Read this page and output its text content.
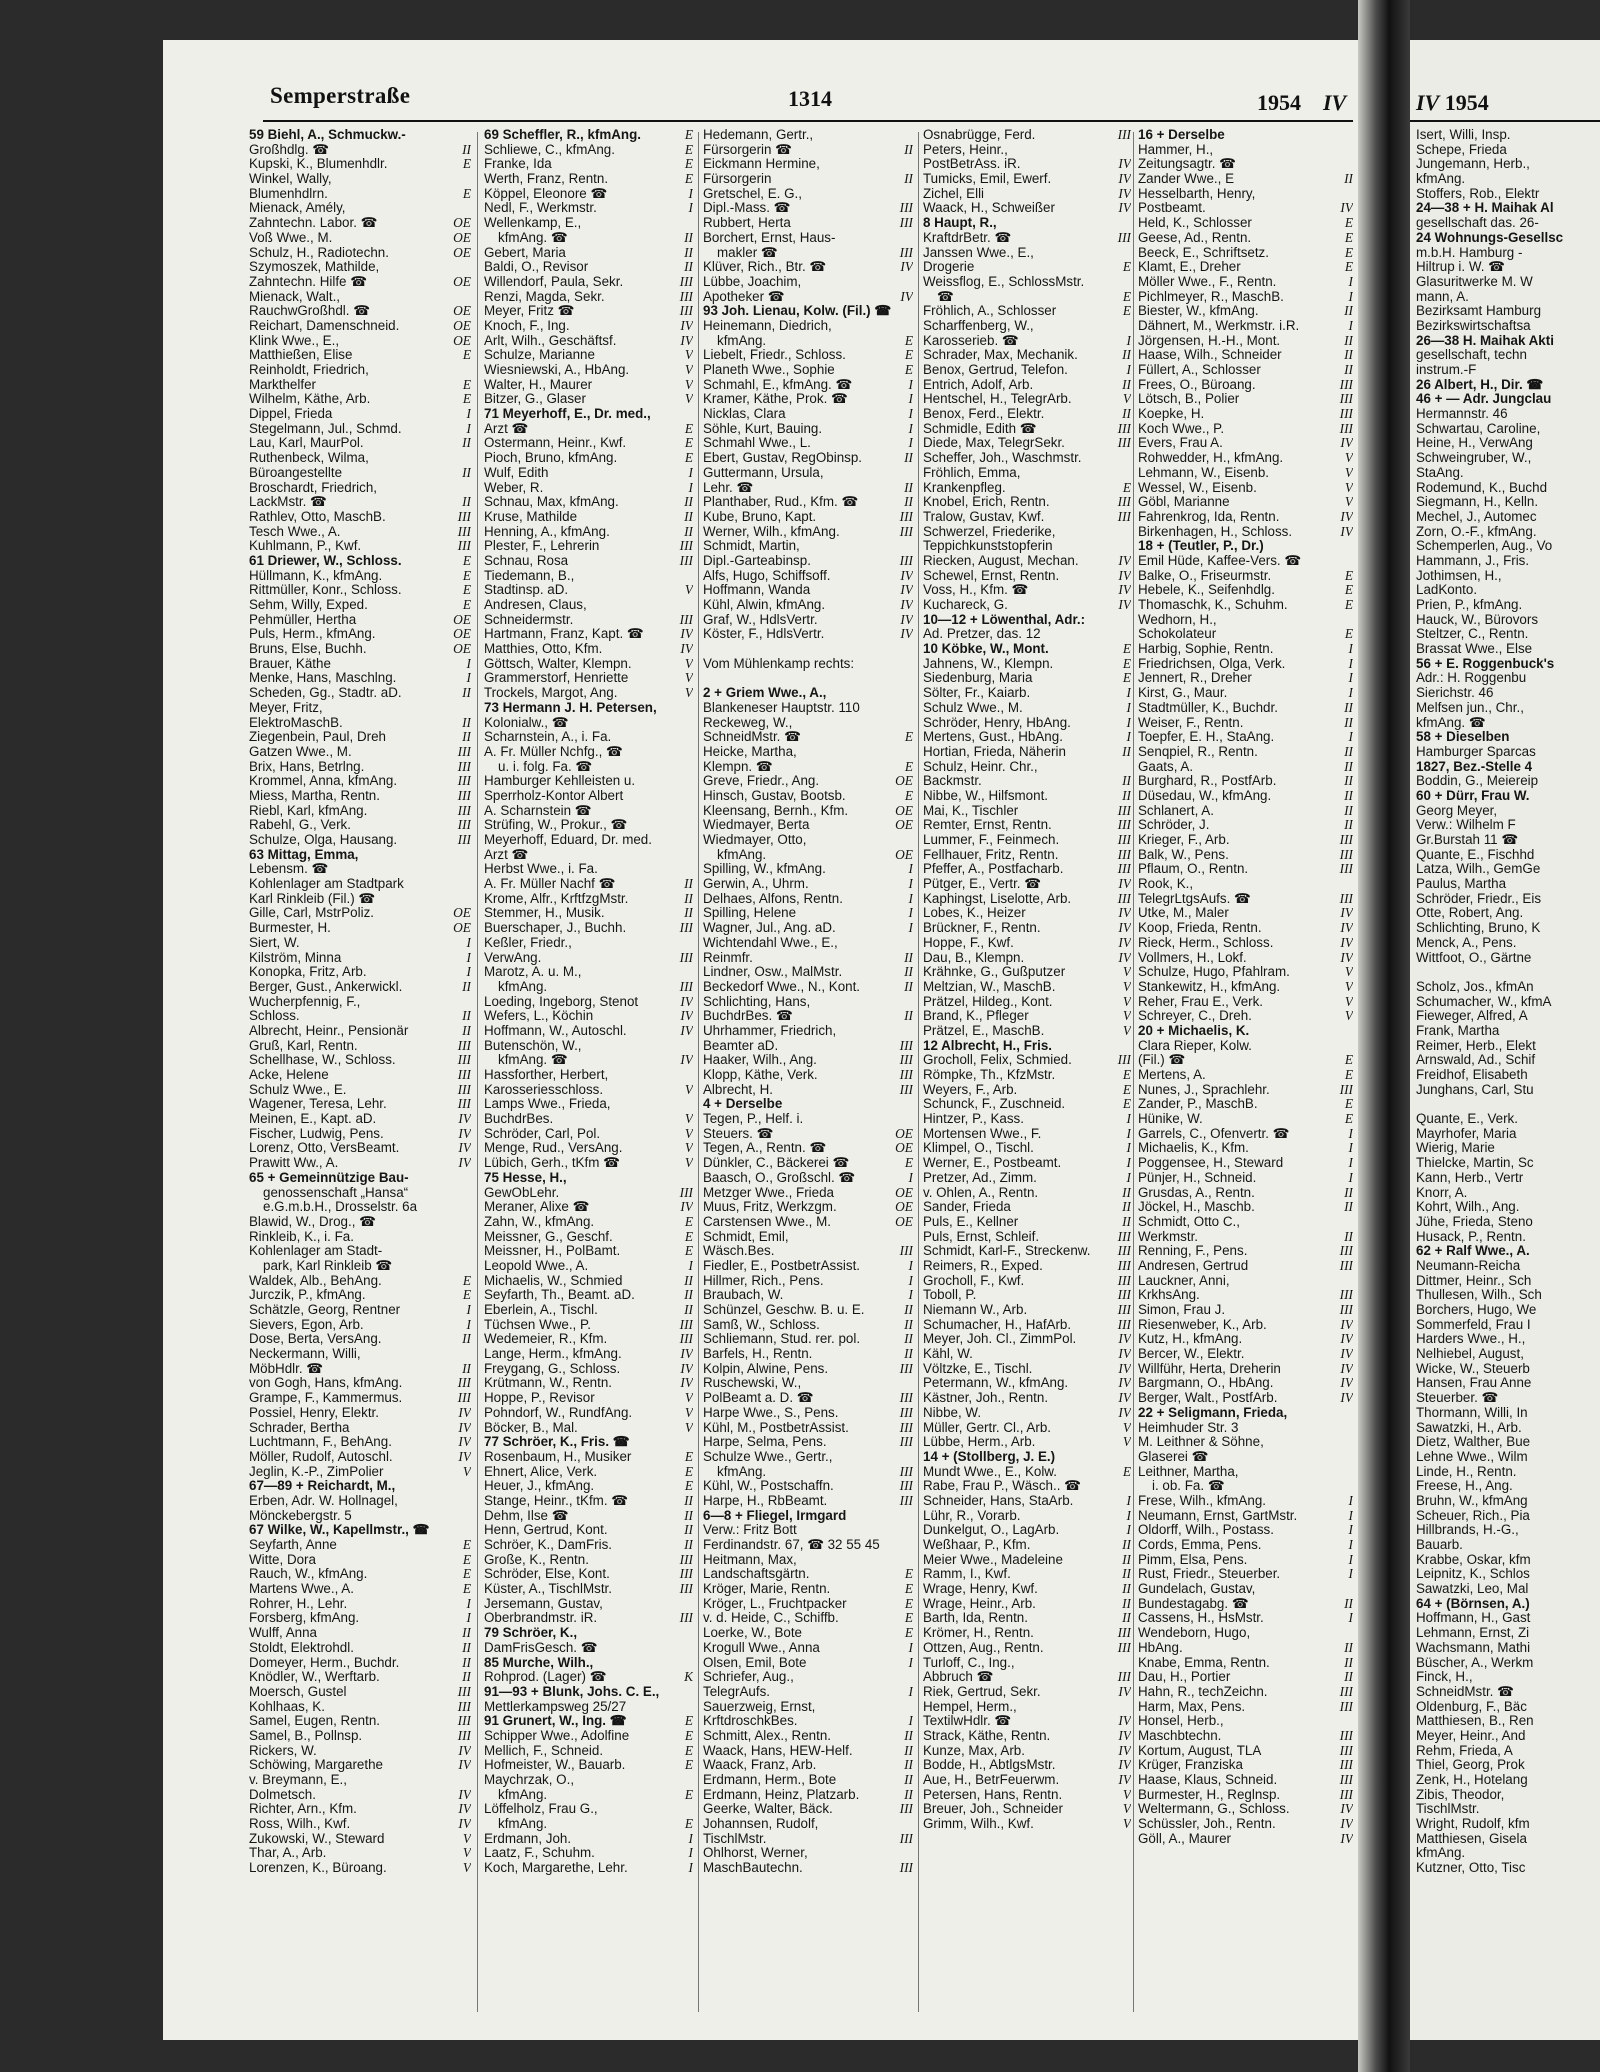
Semperstraße	1314	1954 IV
59 Biehl, A., Schmuckw.-
Großhdlg. ☎	II
Kupski, K., Blumenhdlr.	E
Winkel, Wally,
Blumenhdlrn.	E
Mienack, Amély,
Zahntechn. Labor. ☎	OE
Voß Wwe., M.	OE
Schulz, H., Radiotechn.	OE
Szymoszek, Mathilde,
Zahntechn. Hilfe ☎	OE
Mienack, Walt.,
RauchwGroßhdl. ☎	OE
Reichart, Damenschneid.	OE
Klink Wwe., E.,	OE
Matthießen, Elise	E
Reinholdt, Friedrich,
Markthelfer	E
Wilhelm, Käthe, Arb.	E
Dippel, Frieda	I
Stegelmann, Jul., Schmd.	I
Lau, Karl, MaurPol.	II
Ruthenbeck, Wilma,
Büroangestellte	II
Broschardt, Friedrich,
LackMstr. ☎	II
Rathlev, Otto, MaschB.	III
Tesch Wwe., A.	III
Kuhlmann, P., Kwf.	III
61 Driewer, W., Schloss.	E
Hüllmann, K., kfmAng.	E
Rittmüller, Konr., Schloss.	E
Sehm, Willy, Exped.	E
Pehmüller, Hertha	OE
Puls, Herm., kfmAng.	OE
Bruns, Else, Buchh.	OE
Brauer, Käthe	I
Menke, Hans, Maschlng.	I
Scheden, Gg., Stadtr. aD.	II
Meyer, Fritz,
ElektroMaschB.	II
Ziegenbein, Paul, Dreh	II
Gatzen Wwe., M.	III
Brix, Hans, Betrlng.	III
Krommel, Anna, kfmAng.	III
Miess, Martha, Rentn.	III
Riebl, Karl, kfmAng.	III
Rabehl, G., Verk.	III
Schulze, Olga, Hausang.	III
63 Mittag, Emma,
Lebensm. ☎
Kohlenlager am Stadtpark
Karl Rinkleib (Fil.) ☎
Gille, Carl, MstrPoliz.	OE
Burmester, H.	OE
Siert, W.	I
Kilström, Minna	I
Konopka, Fritz, Arb.	I
Berger, Gust., Ankerwickl.	II
Wucherpfennig, F.,
Schloss.	II
Albrecht, Heinr., Pensionär	II
Gruß, Karl, Rentn.	III
Schellhase, W., Schloss.	III
Acke, Helene	III
Schulz Wwe., E.	III
Wagener, Teresa, Lehr.	III
Meinen, E., Kapt. aD.	IV
Fischer, Ludwig, Pens.	IV
Lorenz, Otto, VersBeamt.	IV
Prawitt Ww., A.	IV
65 + Gemeinnützige Bau-
genossenschaft „Hansa“
e.G.m.b.H., Drosselstr. 6a
Blawid, W., Drog., ☎
Rinkleib, K., i. Fa.
Kohlenlager am Stadt-
park, Karl Rinkleib ☎
Waldek, Alb., BehAng.	E
Jurczik, P., kfmAng.	E
Schätzle, Georg, Rentner	I
Sievers, Egon, Arb.	I
Dose, Berta, VersAng.	II
Neckermann, Willi,
MöbHdlr. ☎	II
von Gogh, Hans, kfmAng.	III
Grampe, F., Kammermus.	III
Possiel, Henry, Elektr.	IV
Schrader, Bertha	IV
Luchtmann, F., BehAng.	IV
Möller, Rudolf, Autoschl.	IV
Jeglin, K.-P., ZimPolier	V
67—89 + Reichardt, M.,
Erben, Adr. W. Hollnagel,
Mönckebergstr. 5
67 Wilke, W., Kapellmstr., ☎
Seyfarth, Anne	E
Witte, Dora	E
Rauch, W., kfmAng.	E
Martens Wwe., A.	E
Rohrer, H., Lehr.	I
Forsberg, kfmAng.	I
Wulff, Anna	II
Stoldt, Elektrohdl.	II
Domeyer, Herm., Buchdr.	II
Knödler, W., Werftarb.	II
Moersch, Gustel	III
Kohlhaas, K.	III
Samel, Eugen, Rentn.	III
Samel, B., Pollnsp.	III
Rickers, W.	IV
Schöwing, Margarethe	IV
v. Breymann, E.,
Dolmetsch.	IV
Richter, Arn., Kfm.	IV
Ross, Wilh., Kwf.	IV
Zukowski, W., Steward	V
Thar, A., Arb.	V
Lorenzen, K., Büroang.	V
69 Scheffler, R., kfmAng.	E
Schliewe, C., kfmAng.	E
Franke, Ida	E
Werth, Franz, Rentn.	E
Köppel, Eleonore ☎	I
Nedl, F., Werkmstr.	I
Wellenkamp, E.,
kfmAng. ☎	II
Gebert, Maria	II
Baldi, O., Revisor	II
Willendorf, Paula, Sekr.	III
Renzi, Magda, Sekr.	III
Meyer, Fritz ☎	III
Knoch, F., Ing.	IV
Arlt, Wilh., Geschäftsf.	IV
Schulze, Marianne	V
Wiesniewski, A., HbAng.	V
Walter, H., Maurer	V
Bitzer, G., Glaser	V
71 Meyerhoff, E., Dr. med.,
Arzt ☎	E
Ostermann, Heinr., Kwf.	E
Pioch, Bruno, kfmAng.	E
Wulf, Edith	I
Weber, R.	I
Schnau, Max, kfmAng.	II
Kruse, Mathilde	II
Henning, A., kfmAng.	II
Plester, F., Lehrerin	III
Schnau, Rosa	III
Tiedemann, B.,
Stadtinsp. aD.	V
Andresen, Claus,
Schneidermstr.	III
Hartmann, Franz, Kapt. ☎	IV
Matthies, Otto, Kfm.	IV
Göttsch, Walter, Klempn.	V
Grammerstorf, Henriette	V
Trockels, Margot, Ang.	V
73 Hermann J. H. Petersen,
Kolonialw., ☎
Scharnstein, A., i. Fa.
A. Fr. Müller Nchfg., ☎
u. i. folg. Fa. ☎
Hamburger Kehlleisten u.
Sperrholz-Kontor Albert
A. Scharnstein ☎
Strüfing, W., Prokur., ☎
Meyerhoff, Eduard, Dr. med.
Arzt ☎
Herbst Wwe., i. Fa.
A. Fr. Müller Nachf ☎	II
Krome, Alfr., KrftfzgMstr.	II
Stemmer, H., Musik.	II
Buerschaper, J., Buchh.	III
Keßler, Friedr.,
VerwAng.	III
Marotz, A. u. M.,
kfmAng.	III
Loeding, Ingeborg, Stenot	IV
Wefers, L., Köchin	IV
Hoffmann, W., Autoschl.	IV
Butenschön, W.,
kfmAng. ☎	IV
Hassforther, Herbert,
Karosseriesschloss.	V
Lamps Wwe., Frieda,
BuchdrBes.	V
Schröder, Carl, Pol.	V
Menge, Rud., VersAng.	V
Lübich, Gerh., tKfm ☎	V
75 Hesse, H.,
GewObLehr.	III
Meraner, Alixe ☎	IV
Zahn, W., kfmAng.	E
Meissner, G., Geschf.	E
Meissner, H., PolBamt.	E
Leopold Wwe., A.	I
Michaelis, W., Schmied	II
Seyfarth, Th., Beamt. aD.	II
Eberlein, A., Tischl.	II
Tüchsen Wwe., P.	III
Wedemeier, R., Kfm.	III
Lange, Herm., kfmAng.	IV
Freygang, G., Schloss.	IV
Krütmann, W., Rentn.	IV
Hoppe, P., Revisor	V
Pohndorf, W., RundfAng.	V
Böcker, B., Mal.	V
77 Schröer, K., Fris. ☎
Rosenbaum, H., Musiker	E
Ehnert, Alice, Verk.	E
Heuer, J., kfmAng.	E
Stange, Heinr., tKfm. ☎	II
Dehm, Ilse ☎	II
Henn, Gertrud, Kont.	II
Schröer, K., DamFris.	II
Große, K., Rentn.	III
Schröder, Else, Kont.	III
Küster, A., TischlMstr.	III
Jersemann, Gustav,
Oberbrandmstr. iR.	III
79 Schröer, K.,
DamFrisGesch. ☎
85 Murche, Wilh.,
Rohprod. (Lager) ☎	K
91—93 + Blunk, Johs. C. E.,
Mettlerkampsweg 25/27
91 Grunert, W., Ing. ☎	E
Schipper Wwe., Adolfine	E
Mellich, F., Schneid.	E
Hofmeister, W., Bauarb.	E
Maychrzak, O.,
kfmAng.	E
Löffelholz, Frau G.,
kfmAng.	E
Erdmann, Joh.	I
Laatz, F., Schuhm.	I
Koch, Margarethe, Lehr.	I
Hedemann, Gertr.,
Fürsorgerin ☎	II
Eickmann Hermine,
Fürsorgerin	II
Gretschel, E. G.,
Dipl.-Mass. ☎	III
Rubbert, Herta	III
Borchert, Ernst, Haus-
makler ☎	III
Klüver, Rich., Btr. ☎	IV
Lübbe, Joachim,
Apotheker ☎	IV
93 Joh. Lienau, Kolw. (Fil.) ☎
Heinemann, Diedrich,
kfmAng.	E
Liebelt, Friedr., Schloss.	E
Planeth Wwe., Sophie	E
Schmahl, E., kfmAng. ☎	I
Kramer, Käthe, Prok. ☎	I
Nicklas, Clara	I
Söhle, Kurt, Bauing.	I
Schmahl Wwe., L.	I
Ebert, Gustav, RegObinsp.	II
Guttermann, Ursula,
Lehr. ☎	II
Planthaber, Rud., Kfm. ☎	II
Kube, Bruno, Kapt.	III
Werner, Wilh., kfmAng.	III
Schmidt, Martin,
Dipl.-Garteabinsp.	III
Alfs, Hugo, Schiffsoff.	IV
Hoffmann, Wanda	IV
Kühl, Alwin, kfmAng.	IV
Graf, W., HdlsVertr.	IV
Köster, F., HdlsVertr.	IV
Vom Mühlenkamp rechts:
2 + Griem Wwe., A.,
Blankeneser Hauptstr. 110
Reckeweg, W.,
SchneidMstr. ☎	E
Heicke, Martha,
Klempn. ☎	E
Greve, Friedr., Ang.	OE
Hinsch, Gustav, Bootsb.	E
Kleensang, Bernh., Kfm.	OE
Wiedmayer, Berta	OE
Wiedmayer, Otto,
kfmAng.	OE
Spilling, W., kfmAng.	I
Gerwin, A., Uhrm.	I
Delhaes, Alfons, Rentn.	I
Spilling, Helene	I
Wagner, Jul., Ang. aD.	I
Wichtendahl Wwe., E.,
Reinmfr.	II
Lindner, Osw., MalMstr.	II
Beckedorf Wwe., N., Kont.	II
Schlichting, Hans,
BuchdrBes. ☎	II
Uhrhammer, Friedrich,
Beamter aD.	III
Haaker, Wilh., Ang.	III
Klopp, Käthe, Verk.	III
Albrecht, H.	III
4 + Derselbe
Tegen, P., Helf. i.
Steuers. ☎	OE
Tegen, A., Rentn. ☎	OE
Dünkler, C., Bäckerei ☎	E
Baasch, O., Großschl. ☎	I
Metzger Wwe., Frieda	OE
Muus, Fritz, Werkzgm.	OE
Carstensen Wwe., M.	OE
Schmidt, Emil,
Wäsch.Bes.	III
Fiedler, E., PostbetrAssist.	I
Hillmer, Rich., Pens.	I
Braubach, W.	I
Schünzel, Geschw. B. u. E.	II
Samß, W., Schloss.	II
Schliemann, Stud. rer. pol.	II
Barfels, H., Rentn.	II
Kolpin, Alwine, Pens.	III
Ruschewski, W.,
PolBeamt a. D. ☎	III
Harpe Wwe., S., Pens.	III
Kühl, M., PostbetrAssist.	III
Harpe, Selma, Pens.	III
Schulze Wwe., Gertr.,
kfmAng.	III
Kühl, W., Postschaffn.	III
Harpe, H., RbBeamt.	III
6—8 + Fliegel, Irmgard
Verw.: Fritz Bott
Ferdinandstr. 67, ☎ 32 55 45
Heitmann, Max,
Landschaftsgärtn.	E
Kröger, Marie, Rentn.	E
Kröger, L., Fruchtpacker	E
v. d. Heide, C., Schiffb.	E
Loerke, W., Bote	E
Krogull Wwe., Anna	I
Olsen, Emil, Bote	I
Schriefer, Aug.,
TelegrAufs.	I
Sauerzweig, Ernst,
KrftdroschkBes.	I
Schmitt, Alex., Rentn.	II
Waack, Hans, HEW-Helf.	II
Waack, Franz, Arb.	II
Erdmann, Herm., Bote	II
Erdmann, Heinz, Platzarb.	II
Geerke, Walter, Bäck.	III
Johannsen, Rudolf,
TischlMstr.	III
Ohlhorst, Werner,
MaschBautechn.	III
Osnabrügge, Ferd.	III
Peters, Heinr.,
PostBetrAss. iR.	IV
Tumicks, Emil, Ewerf.	IV
Zichel, Elli	IV
Waack, H., Schweißer	IV
8 Haupt, R.,
KraftdrBetr. ☎	III
Janssen Wwe., E.,
Drogerie	E
Weissflog, E., SchlossMstr.
☎	E
Fröhlich, A., Schlosser	E
Scharffenberg, W.,
Karosserieb. ☎	I
Schrader, Max, Mechanik.	II
Benox, Gertrud, Telefon.	I
Entrich, Adolf, Arb.	II
Hentschel, H., TelegrArb.	V
Benox, Ferd., Elektr.	II
Schmidle, Edith ☎	III
Diede, Max, TelegrSekr.	III
Scheffer, Joh., Waschmstr.
Fröhlich, Emma,
Krankenpfleg.	E
Knobel, Erich, Rentn.	III
Tralow, Gustav, Kwf.	III
Schwerzel, Friederike,
Teppichkunststopferin
Riecken, August, Mechan.	IV
Schewel, Ernst, Rentn.	IV
Voss, H., Kfm. ☎	IV
Kuchareck, G.	IV
10—12 + Löwenthal, Adr.:
Ad. Pretzer, das. 12
10 Köbke, W., Mont.	E
Jahnens, W., Klempn.	E
Siedenburg, Maria	E
Sölter, Fr., Kaiarb.	I
Schulz Wwe., M.	I
Schröder, Henry, HbAng.	I
Mertens, Gust., HbAng.	I
Hortian, Frieda, Näherin	II
Schulz, Heinr. Chr.,
Backmstr.	II
Nibbe, W., Hilfsmont.	II
Mai, K., Tischler	III
Remter, Ernst, Rentn.	III
Lummer, F., Feinmech.	III
Fellhauer, Fritz, Rentn.	III
Pfeffer, A., Postfacharb.	III
Pütger, E., Vertr. ☎	IV
Kaphingst, Liselotte, Arb.	III
Lobes, K., Heizer	IV
Brückner, F., Rentn.	IV
Hoppe, F., Kwf.	IV
Dau, B., Klempn.	IV
Krähnke, G., Gußputzer	V
Meltzian, W., MaschB.	V
Prätzel, Hildeg., Kont.	V
Brand, K., Pfleger	V
Prätzel, E., MaschB.	V
12 Albrecht, H., Fris.
Grocholl, Felix, Schmied.	III
Römpke, Th., KfzMstr.	E
Weyers, F., Arb.	E
Schunck, F., Zuschneid.	E
Hintzer, P., Kass.	I
Mortensen Wwe., F.	I
Klimpel, O., Tischl.	I
Werner, E., Postbeamt.	I
Pretzer, Ad., Zimm.	I
v. Ohlen, A., Rentn.	II
Sander, Frieda	II
Puls, E., Kellner	II
Puls, Ernst, Schleif.	III
Schmidt, Karl-F., Streckenw. III
Reimers, R., Exped.	III
Grocholl, F., Kwf.	III
Toboll, P.	III
Niemann W., Arb.	III
Schumacher, H., HafArb.	III
Meyer, Joh. Cl., ZimmPol.	IV
Kähl, W.	IV
Völtzke, E., Tischl.	IV
Petermann, W., kfmAng.	IV
Kästner, Joh., Rentn.	IV
Nibbe, W.	IV
Müller, Gertr. Cl., Arb.	V
Lübbe, Herm., Arb.	V
14 + (Stollberg, J. E.)
Mundt Wwe., E., Kolw.	E
Rabe, Frau P., Wäsch.. ☎
Schneider, Hans, StaArb.	I
Lühr, R., Vorarb.	I
Dunkelgut, O., LagArb.	I
Weßhaar, P., Kfm.	II
Meier Wwe., Madeleine	II
Ramm, I., Kwf.	II
Wrage, Henry, Kwf.	II
Wrage, Heinr., Arb.	II
Barth, Ida, Rentn.	II
Krömer, H., Rentn.	III
Ottzen, Aug., Rentn.	III
Turloff, C., Ing.,
Abbruch ☎	III
Riek, Gertrud, Sekr.	IV
Hempel, Herm.,
TextilwHdlr. ☎	IV
Strack, Käthe, Rentn.	IV
Kunze, Max, Arb.	IV
Bodde, H., AbtlgsMstr.	IV
Aue, H., BetrFeuerwm.	IV
Petersen, Hans, Rentn.	V
Breuer, Joh., Schneider	V
Grimm, Wilh., Kwf.	V
16 + Derselbe
Hammer, H.,
Zeitungsagtr. ☎
Zander Wwe., E	II
Hesselbarth, Henry,
Postbeamt.	IV
Held, K., Schlosser	E
Geese, Ad., Rentn.	E
Beeck, E., Schriftsetz.	E
Klamt, E., Dreher	E
Möller Wwe., F., Rentn.	I
Pichlmeyer, R., MaschB.	I
Biester, W., kfmAng.	II
Dähnert, M., Werkmstr. i.R.	I
Jörgensen, H.-H., Mont.	II
Haase, Wilh., Schneider	II
Füllert, A., Schlosser	II
Frees, O., Büroang.	III
Lötsch, B., Polier	III
Koepke, H.	III
Koch Wwe., P.	III
Evers, Frau A.	IV
Rohwedder, H., kfmAng.	V
Lehmann, W., Eisenb.	V
Wessel, W., Eisenb.	V
Göbl, Marianne	V
Fahrenkrog, Ida, Rentn.	IV
Birkenhagen, H., Schloss.	IV
18 + (Teutler, P., Dr.)
Emil Hüde, Kaffee-Vers. ☎
Balke, O., Friseurmstr.	E
Hebele, K., Seifenhdlg.	E
Thomaschk, K., Schuhm.	E
Wedhorn, H.,
Schokolateur	E
Harbig, Sophie, Rentn.	I
Friedrichsen, Olga, Verk.	I
Jennert, R., Dreher	I
Kirst, G., Maur.	I
Stadtmüller, K., Buchdr.	II
Weiser, F., Rentn.	II
Toepfer, E. H., StaAng.	I
Senqpiel, R., Rentn.	II
Gaats, A.	II
Burghard, R., PostfArb.	II
Düsedau, W., kfmAng.	II
Schlanert, A.	II
Schröder, J.	II
Krieger, F., Arb.	III
Balk, W., Pens.	III
Pflaum, O., Rentn.	III
Rook, K.,
TelegrLtgsAufs. ☎	III
Utke, M., Maler	IV
Koop, Frieda, Rentn.	IV
Rieck, Herm., Schloss.	IV
Vollmers, H., Lokf.	IV
Schulze, Hugo, Pfahlram.	V
Stankewitz, H., kfmAng.	V
Reher, Frau E., Verk.	V
Schreyer, C., Dreh.	V
20 + Michaelis, K.
Clara Rieper, Kolw.
(Fil.) ☎	E
Mertens, A.	E
Nunes, J., Sprachlehr.	III
Zander, P., MaschB.	E
Hünike, W.	E
Garrels, C., Ofenvertr. ☎	I
Michaelis, K., Kfm.	I
Poggensee, H., Steward	I
Pünjer, H., Schneid.	I
Grusdas, A., Rentn.	II
Jöckel, H., Maschb.	II
Schmidt, Otto C.,
Werkmstr.	II
Renning, F., Pens.	III
Andresen, Gertrud	III
Lauckner, Anni,
KrkhsAng.	III
Simon, Frau J.	III
Riesenweber, K., Arb.	IV
Kutz, H., kfmAng.	IV
Bercer, W., Elektr.	IV
Willführ, Herta, Dreherin	IV
Bargmann, O., HbAng.	IV
Berger, Walt., PostfArb.	IV
22 + Seligmann, Frieda,
Heimhuder Str. 3
M. Leithner & Söhne,
Glaserei ☎
Leithner, Martha,
i. ob. Fa. ☎
Frese, Wilh., kfmAng.	I
Neumann, Ernst, GartMstr.	I
Oldorff, Wilh., Postass.	I
Cords, Emma, Pens.	I
Pimm, Elsa, Pens.	I
Rust, Friedr., Steuerber.	I
Gundelach, Gustav,
Bundestagabg. ☎	II
Cassens, H., HsMstr.	I
Wendeborn, Hugo,
HbAng.	II
Knabe, Emma, Rentn.	II
Dau, H., Portier	II
Hahn, R., techZeichn.	III
Harm, Max, Pens.	III
Honsel, Herb.,
Maschbtechn.	III
Kortum, August, TLA	III
Krüger, Franziska	III
Haase, Klaus, Schneid.	III
Burmester, H., Reglnsp.	III
Weltermann, G., Schloss.	IV
Schüssler, Joh., Rentn.	IV
Göll, A., Maurer	IV
IV 1954
Isert, Willi, Insp.
Schepe, Frieda
Jungemann, Herb.,
kfmAng.
Stoffers, Rob., Elektr
24—38 + H. Maihak Al
gesellschaft das. 26-
24 Wohnungs-Gesellsc
m.b.H. Hamburg -
Hiltrup i. W. ☎
Glasuritwerke M. W
mann, A.
Bezirksamt Hamburg
Bezirkswirtschaftsa
26—38 H. Maihak Akti
gesellschaft, techn
instrum.-F
26 Albert, H., Dir. ☎
46 + — Adr. Jungclau
Hermannstr. 46
Schwartau, Caroline,
Heine, H., VerwAng
Schweingruber, W.,
StaAng.
Rodemund, K., Buchd
Siegmann, H., Kelln.
Mechel, J., Automec
Zorn, O.-F., kfmAng.
Schemperlen, Aug., Vo
Hammann, J., Fris.
Jothimsen, H.,
LadKonto.
Prien, P., kfmAng.
Hauck, W., Bürovors
Steltzer, C., Rentn.
Brassat Wwe., Else
56 + E. Roggenbuck's
Adr.: H. Roggenbu
Sierichstr. 46
Melfsen jun., Chr.,
kfmAng. ☎
58 + Dieselben
Hamburger Sparcas
1827, Bez.-Stelle 4
Boddin, G., Meiereip
60 + Dürr, Frau W.
Georg Meyer,
Verw.: Wilhelm F
Gr.Burstah 11 ☎
Quante, E., Fischhd
Latza, Wilh., GemGe
Paulus, Martha
Schröder, Friedr., Eis
Otte, Robert, Ang.
Schlichting, Bruno, K
Menck, A., Pens.
Wittfoot, O., Gärtne
Scholz, Jos., kfmAn
Schumacher, W., kfmA
Fieweger, Alfred, A
Frank, Martha
Reimer, Herb., Elekt
Arnswald, Ad., Schif
Freidhof, Elisabeth
Junghans, Carl, Stu
Quante, E., Verk.
Mayrhofer, Maria
Wierig, Marie
Thielcke, Martin, Sc
Kann, Herb., Vertr
Knorr, A.
Kohrt, Wilh., Ang.
Jühe, Frieda, Steno
Husack, P., Rentn.
62 + Ralf Wwe., A.
Neumann-Reicha
Dittmer, Heinr., Sch
Thullesen, Wilh., Sch
Borchers, Hugo, We
Sommerfeld, Frau I
Harders Wwe., H.,
Nelhiebel, August,
Wicke, W., Steuerb
Hansen, Frau Anne
Steuerber. ☎
Thormann, Willi, In
Sawatzki, H., Arb.
Dietz, Walther, Bue
Lehne Wwe., Wilm
Linde, H., Rentn.
Freese, H., Ang.
Bruhn, W., kfmAng
Scheuer, Rich., Pia
Hillbrands, H.-G.,
Bauarb.
Krabbe, Oskar, kfm
Leipnitz, K., Schlos
Sawatzki, Leo, Mal
64 + (Börnsen, A.)
Hoffmann, H., Gast
Lehmann, Ernst, Zi
Wachsmann, Mathi
Büscher, A., Werkm
Finck, H.,
SchneidMstr. ☎
Oldenburg, F., Bäc
Matthiesen, B., Ren
Meyer, Heinr., And
Rehm, Frieda, A
Thiel, Georg, Prok
Zenk, H., Hotelang
Zibis, Theodor,
TischlMstr.
Wright, Rudolf, kfm
Matthiesen, Gisela
kfmAng.
Kutzner, Otto, Tisc
